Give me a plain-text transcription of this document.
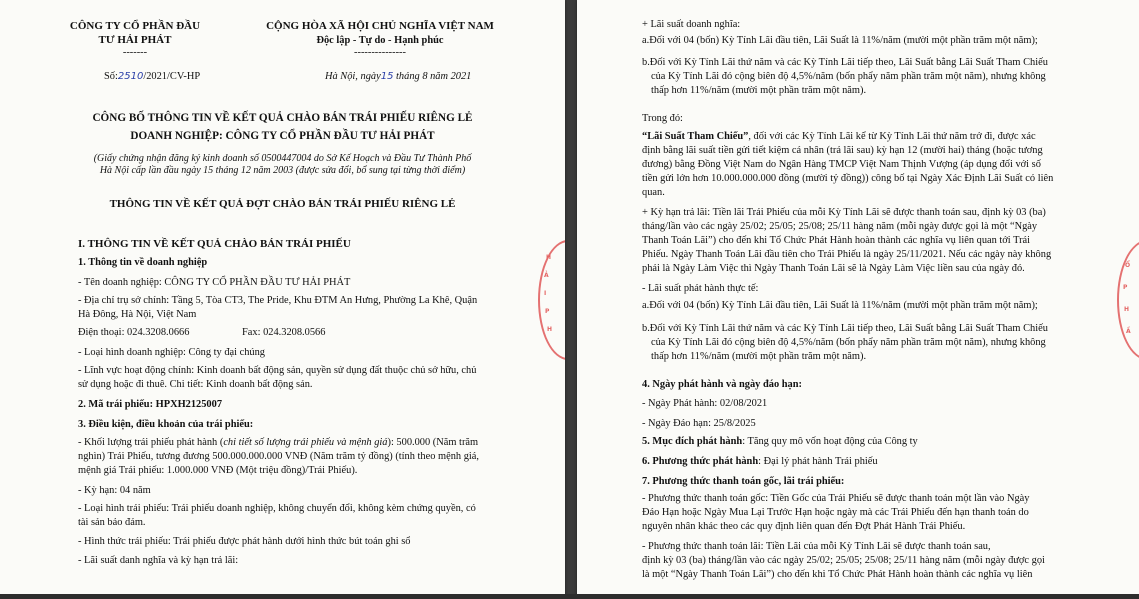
CÔNG TY CỔ PHẦN ĐẦU
TƯ HẢI PHÁT
-------
CỘNG HÒA XÃ HỘI CHỦ NGHĨA VIỆT NAM
Độc lập - Tự do - Hạnh phúc
---------------
Số:2510/2021/CV-HP	Hà Nội, ngày15 tháng 8 năm 2021
CÔNG BỐ THÔNG TIN VỀ KẾT QUẢ CHÀO BÁN TRÁI PHIẾU RIÊNG LẺ
DOANH NGHIỆP: CÔNG TY CỔ PHẦN ĐẦU TƯ HẢI PHÁT
(Giấy chứng nhận đăng ký kinh doanh số 0500447004 do Sở Kế Hoạch và Đầu Tư Thành Phố
Hà Nội cấp lần đầu ngày 15 tháng 12 năm 2003 (được sửa đổi, bổ sung tại từng thời điểm)
THÔNG TIN VỀ KẾT QUẢ ĐỢT CHÀO BÁN TRÁI PHIẾU RIÊNG LẺ
I. THÔNG TIN VỀ KẾT QUẢ CHÀO BÁN TRÁI PHIẾU
1. Thông tin về doanh nghiệp
- Tên doanh nghiệp: CÔNG TY CỔ PHẦN ĐẦU TƯ HẢI PHÁT
- Địa chỉ trụ sở chính: Tầng 5, Tòa CT3, The Pride, Khu ĐTM An Hưng, Phường La Khê, Quận
Hà Đông, Hà Nội, Việt Nam
Điện thoại: 024.3208.0666	Fax: 024.3208.0566
- Loại hình doanh nghiệp: Công ty đại chúng
- Lĩnh vực hoạt động chính: Kinh doanh bất động sản, quyền sử dụng đất thuộc chủ sở hữu, chủ
sử dụng hoặc đi thuê. Chi tiết: Kinh doanh bất động sản.
2. Mã trái phiếu: HPXH2125007
3. Điều kiện, điều khoản của trái phiếu:
- Khối lượng trái phiếu phát hành (chi tiết số lượng trái phiếu và mệnh giá): 500.000 (Năm trăm
nghìn) Trái Phiếu, tương đương 500.000.000.000 VNĐ (Năm trăm tỷ đồng) (tính theo mệnh giá,
mệnh giá Trái phiếu: 1.000.000 VNĐ (Một triệu đồng)/Trái Phiếu).
- Kỳ hạn: 04 năm
- Loại hình trái phiếu: Trái phiếu doanh nghiệp, không chuyển đổi, không kèm chứng quyền, có
tài sản bảo đảm.
- Hình thức trái phiếu: Trái phiếu được phát hành dưới hình thức bút toán ghi sổ
- Lãi suất danh nghĩa và kỳ hạn trả lãi:
H
Ả
I
P
H
+ Lãi suất doanh nghĩa:
a.Đối với 04 (bốn) Kỳ Tính Lãi đầu tiên, Lãi Suất là 11%/năm (mười một phần trăm một năm);
b.Đối với Kỳ Tính Lãi thứ năm và các Kỳ Tính Lãi tiếp theo, Lãi Suất bằng Lãi Suất Tham Chiếu
của Kỳ Tính Lãi đó cộng biên độ 4,5%/năm (bốn phẩy năm phần trăm một năm), nhưng không
thấp hơn 11%/năm (mười một phần trăm một năm).
Trong đó:
“Lãi Suất Tham Chiếu”, đối với các Kỳ Tính Lãi kể từ Kỳ Tính Lãi thứ năm trở đi, được xác
định bằng lãi suất tiền gửi tiết kiệm cá nhân (trả lãi sau) kỳ hạn 12 (mười hai) tháng (hoặc tương
đương) bằng Đồng Việt Nam do Ngân Hàng TMCP Việt Nam Thịnh Vượng (áp dụng đối với số
tiền gửi lớn hơn 10.000.000.000 đồng (mười tỷ đồng)) công bố tại Ngày Xác Định Lãi Suất có liên
quan.
+ Kỳ hạn trả lãi: Tiền lãi Trái Phiếu của mỗi Kỳ Tính Lãi sẽ được thanh toán sau, định kỳ 03 (ba)
tháng/lần vào các ngày 25/02; 25/05; 25/08; 25/11 hàng năm (mỗi ngày được gọi là một “Ngày
Thanh Toán Lãi”) cho đến khi Tổ Chức Phát Hành hoàn thành các nghĩa vụ liên quan tới Trái
Phiếu. Ngày Thanh Toán Lãi đầu tiên cho Trái Phiếu là ngày 25/11/2021. Nếu các ngày này không
phải là Ngày Làm Việc thì Ngày Thanh Toán Lãi sẽ là Ngày Làm Việc liền sau của ngày đó.
- Lãi suất phát hành thực tế:
a.Đối với 04 (bốn) Kỳ Tính Lãi đầu tiên, Lãi Suất là 11%/năm (mười một phần trăm một năm);
b.Đối với Kỳ Tính Lãi thứ năm và các Kỳ Tính Lãi tiếp theo, Lãi Suất bằng Lãi Suất Tham Chiếu
của Kỳ Tính Lãi đó cộng biên độ 4,5%/năm (bốn phẩy năm phần trăm một năm), nhưng không
thấp hơn 11%/năm (mười một phần trăm một năm).
4. Ngày phát hành và ngày đáo hạn:
- Ngày Phát hành: 02/08/2021
- Ngày Đáo hạn: 25/8/2025
5. Mục đích phát hành: Tăng quy mô vốn hoạt động của Công ty
6. Phương thức phát hành: Đại lý phát hành Trái phiếu
7. Phương thức thanh toán gốc, lãi trái phiếu:
- Phương thức thanh toán gốc: Tiền Gốc của Trái Phiếu sẽ được thanh toán một lần vào Ngày
Đáo Hạn hoặc Ngày Mua Lại Trước Hạn hoặc ngày mà các Trái Phiếu đến hạn thanh toán do
nguyên nhân khác theo các quy định liên quan đến Đợt Phát Hành Trái Phiếu.
- Phương thức thanh toán lãi: Tiền Lãi của mỗi Kỳ Tính Lãi sẽ được thanh toán sau,
định kỳ 03 (ba) tháng/lần vào các ngày 25/02; 25/05; 25/08; 25/11 hàng năm (mỗi ngày được gọi
là một “Ngày Thanh Toán Lãi”) cho đến khi Tổ Chức Phát Hành hoàn thành các nghĩa vụ liên
Ổ
P
H
Ầ
